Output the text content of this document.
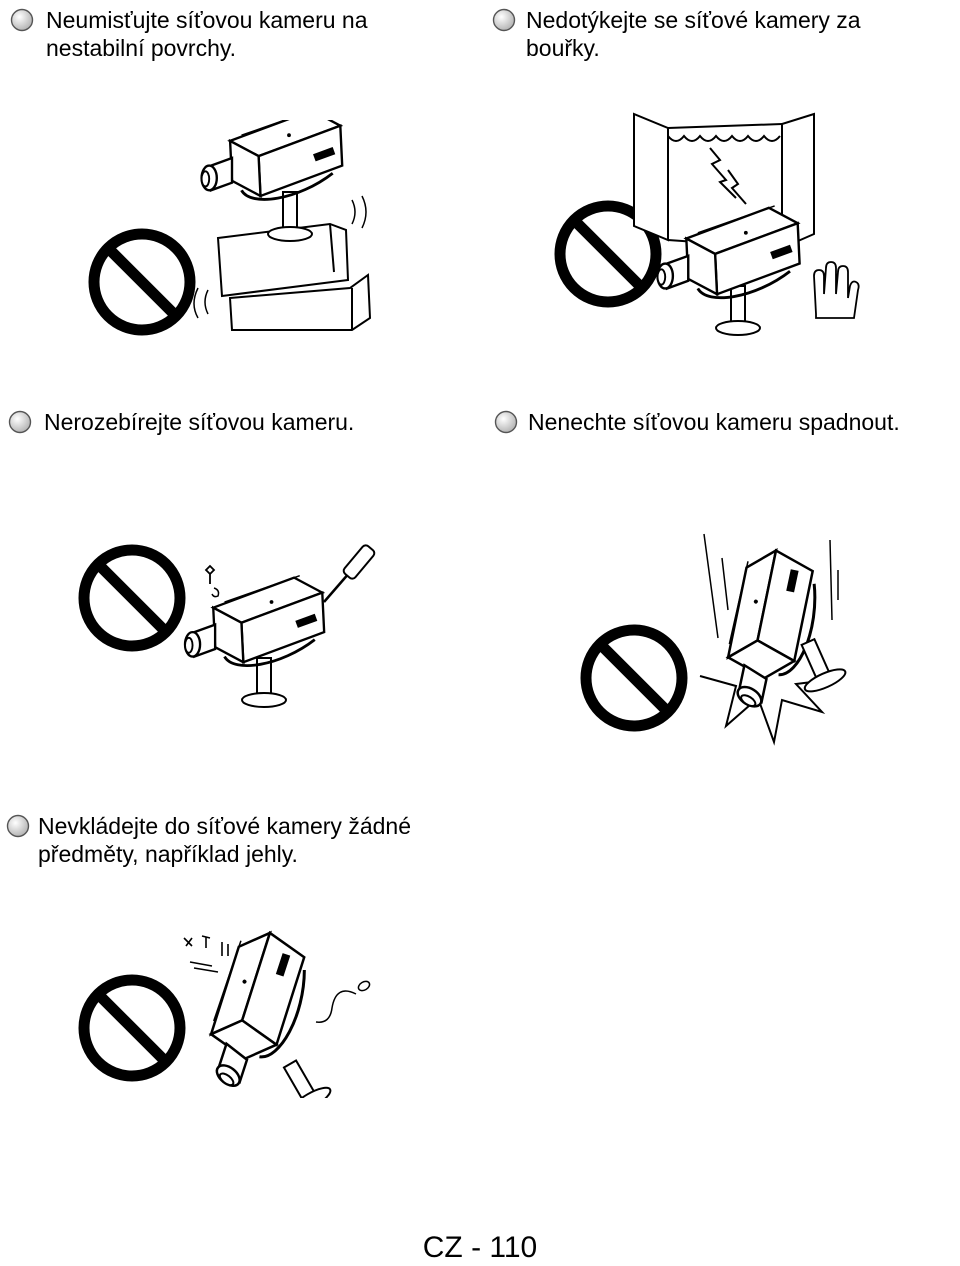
Neumisťujte síťovou kameru na
nestabilní povrchy.
Nedotýkejte se síťové kamery za
bouřky.
Nerozebírejte síťovou kameru.	Nenechte síťovou kameru spadnout.
Nevkládejte do síťové kamery žádné
předměty, například jehly.
CZ - 110
